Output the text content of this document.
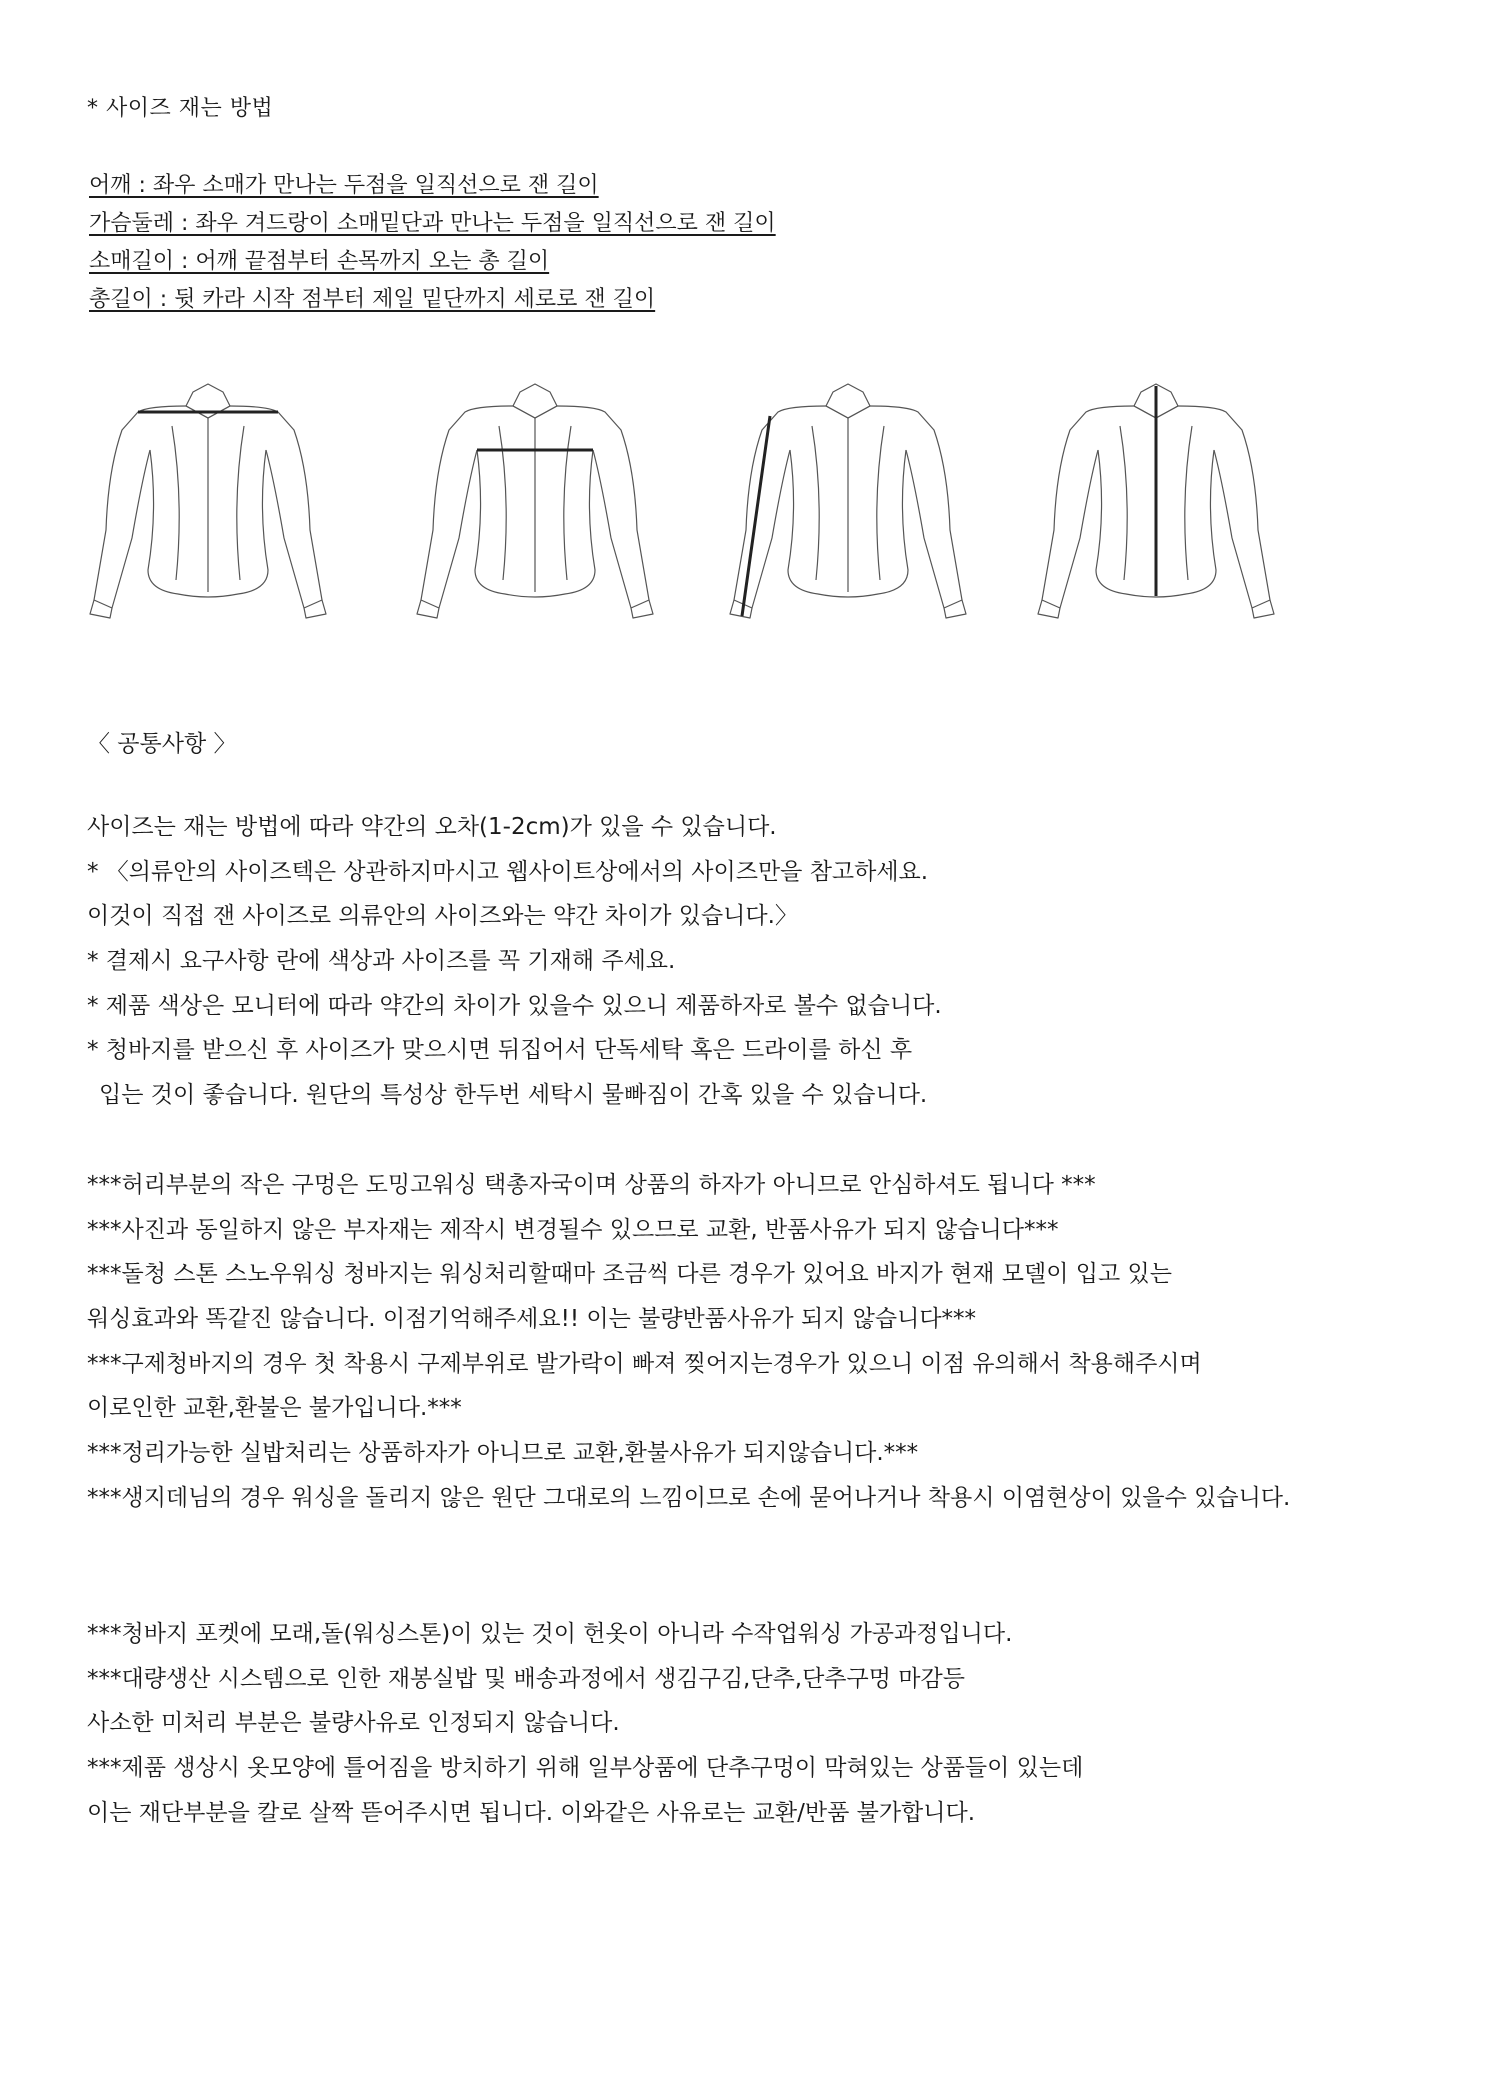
* 사이즈 재는 방법
어깨 : 좌우 소매가 만나는 두점을 일직선으로 잰 길이
가슴둘레 : 좌우 겨드랑이 소매밑단과 만나는 두점을 일직선으로 잰 길이
소매길이 : 어깨 끝점부터 손목까지 오는 총 길이
총길이 : 뒷 카라 시작 점부터 제일 밑단까지 세로로 잰 길이
〈 공통사항 〉
사이즈는 재는 방법에 따라 약간의 오차(1-2cm)가 있을 수 있습니다.
* 〈의류안의 사이즈텍은 상관하지마시고 웹사이트상에서의 사이즈만을 참고하세요.
이것이 직접 잰 사이즈로 의류안의 사이즈와는 약간 차이가 있습니다.〉
* 결제시 요구사항 란에 색상과 사이즈를 꼭 기재해 주세요.
* 제품 색상은 모니터에 따라 약간의 차이가 있을수 있으니 제품하자로 볼수 없습니다.
* 청바지를 받으신 후 사이즈가 맞으시면 뒤집어서 단독세탁 혹은 드라이를 하신 후
입는 것이 좋습니다. 원단의 특성상 한두번 세탁시 물빠짐이 간혹 있을 수 있습니다.
***허리부분의 작은 구멍은 도밍고워싱 택총자국이며 상품의 하자가 아니므로 안심하셔도 됩니다 ***
***사진과 동일하지 않은 부자재는 제작시 변경될수 있으므로 교환, 반품사유가 되지 않습니다***
***돌청 스톤 스노우워싱 청바지는 워싱처리할때마 조금씩 다른 경우가 있어요 바지가 현재 모델이 입고 있는
워싱효과와 똑같진 않습니다. 이점기억해주세요!! 이는 불량반품사유가 되지 않습니다***
***구제청바지의 경우 첫 착용시 구제부위로 발가락이 빠져 찢어지는경우가 있으니 이점 유의해서 착용해주시며
이로인한 교환,환불은 불가입니다.***
***정리가능한 실밥처리는 상품하자가 아니므로 교환,환불사유가 되지않습니다.***
***생지데님의 경우 워싱을 돌리지 않은 원단 그대로의 느낌이므로 손에 묻어나거나 착용시 이염현상이 있을수 있습니다.
***청바지 포켓에 모래,돌(워싱스톤)이 있는 것이 헌옷이 아니라 수작업워싱 가공과정입니다.
***대량생산 시스템으로 인한 재봉실밥 및 배송과정에서 생김구김,단추,단추구멍 마감등
사소한 미처리 부분은 불량사유로 인정되지 않습니다.
***제품 생상시 옷모양에 틀어짐을 방치하기 위해 일부상품에 단추구멍이 막혀있는 상품들이 있는데
이는 재단부분을 칼로 살짝 뜯어주시면 됩니다. 이와같은 사유로는 교환/반품 불가합니다.
